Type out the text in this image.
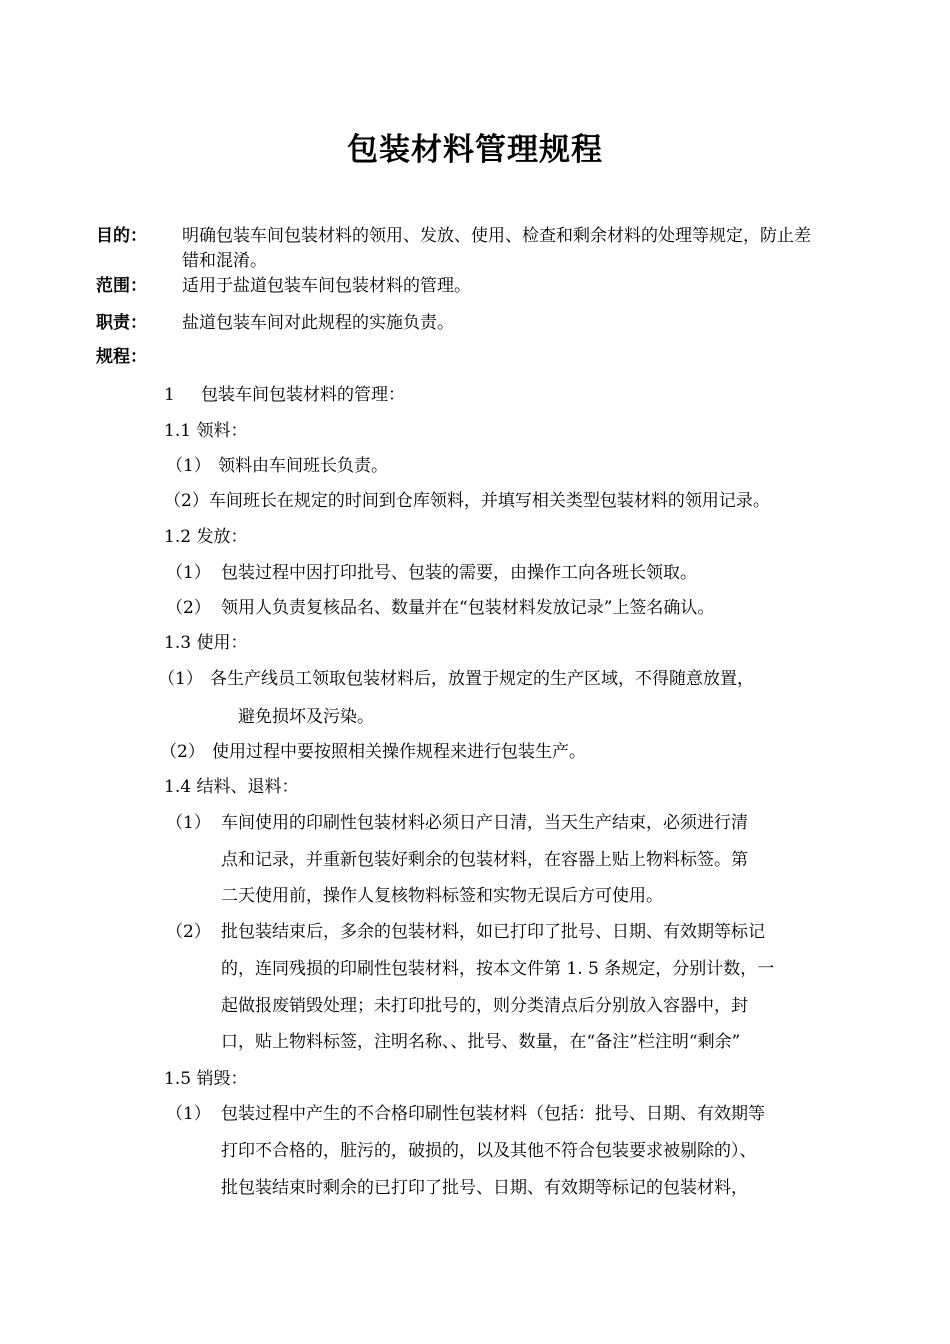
包装材料管理规程
目的： 明确包装车间包装材料的领用、发放、使用、检查和剩余材料的处理等规定，防止差
错和混淆。
范围： 适用于盐道包装车间包装材料的管理。
职责： 盐道包装车间对此规程的实施负责。
规程：
1 包装车间包装材料的管理：
1.1 领料：
（1） 领料由车间班长负责。
（2）车间班长在规定的时间到仓库领料，并填写相关类型包装材料的领用记录。
1.2 发放：
（1） 包装过程中因打印批号、包装的需要，由操作工向各班长领取。
（2） 领用人负责复核品名、数量并在“包装材料发放记录”上签名确认。
1.3 使用：
（1） 各生产线员工领取包装材料后，放置于规定的生产区域，不得随意放置，
避免损坏及污染。
（2） 使用过程中要按照相关操作规程来进行包装生产。
1.4 结料、退料：
（1） 车间使用的印刷性包装材料必须日产日清，当天生产结束，必须进行清
点和记录，并重新包装好剩余的包装材料，在容器上贴上物料标签。第
二天使用前，操作人复核物料标签和实物无误后方可使用。
（2） 批包装结束后，多余的包装材料，如已打印了批号、日期、有效期等标记
的，连同残损的印刷性包装材料，按本文件第 1. 5 条规定，分别计数，一
起做报废销毁处理；未打印批号的，则分类清点后分别放入容器中，封
口，贴上物料标签，注明名称、、批号、数量，在“备注”栏注明“剩余”
1.5 销毁：
（1） 包装过程中产生的不合格印刷性包装材料（包括：批号、日期、有效期等
打印不合格的，脏污的，破损的，以及其他不符合包装要求被剔除的）、
批包装结束时剩余的已打印了批号、日期、有效期等标记的包装材料，
